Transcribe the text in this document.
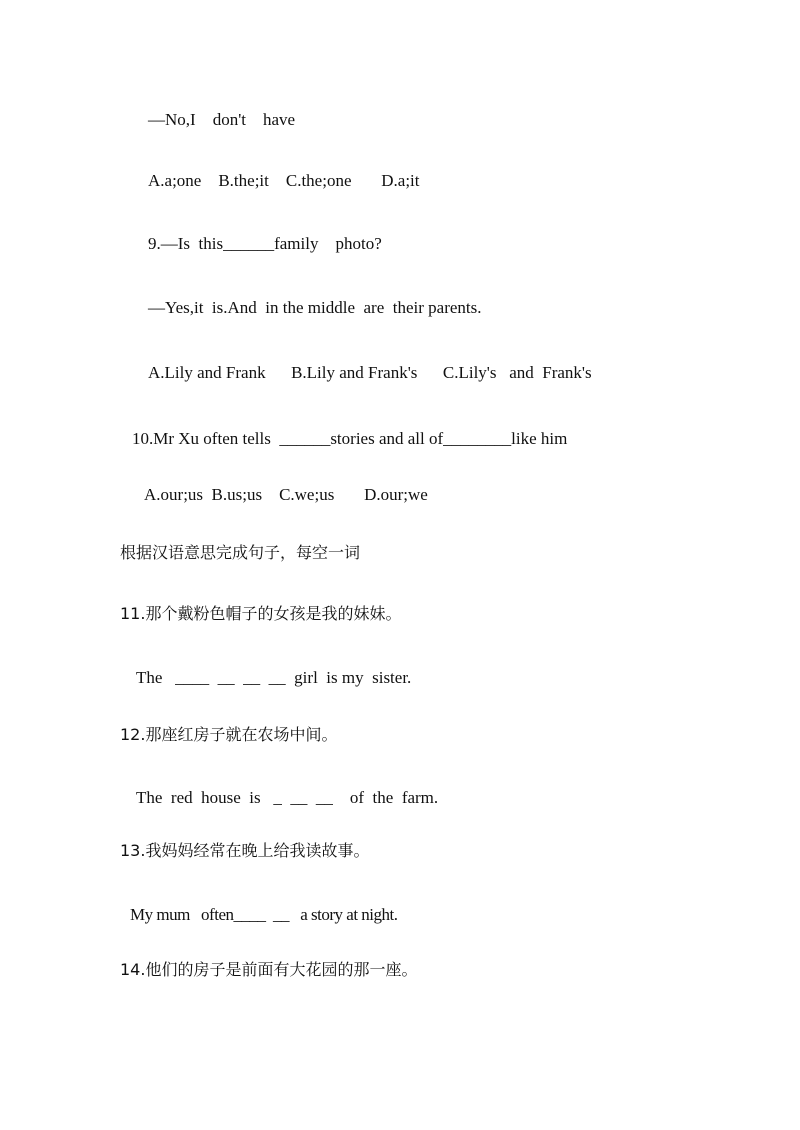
—No,I    don't    have
A.a;one    B.the;it    C.the;one       D.a;it
9.—Is  this______family    photo?
—Yes,it  is.And  in the middle  are  their parents.
A.Lily and Frank      B.Lily and Frank's      C.Lily's   and  Frank's
10.Mr Xu often tells  ______stories and all of________like him
A.our;us  B.us;us    C.we;us       D.our;we
根据汉语意思完成句子，每空一词
11.那个戴粉色帽子的女孩是我的妹妹。
The   ____  __  __  __  girl  is my  sister.
12.那座红房子就在农场中间。
The  red  house  is   _  __  __    of  the  farm.
13.我妈妈经常在晚上给我读故事。
My mum   often____  __   a story at night.
14.他们的房子是前面有大花园的那一座。
